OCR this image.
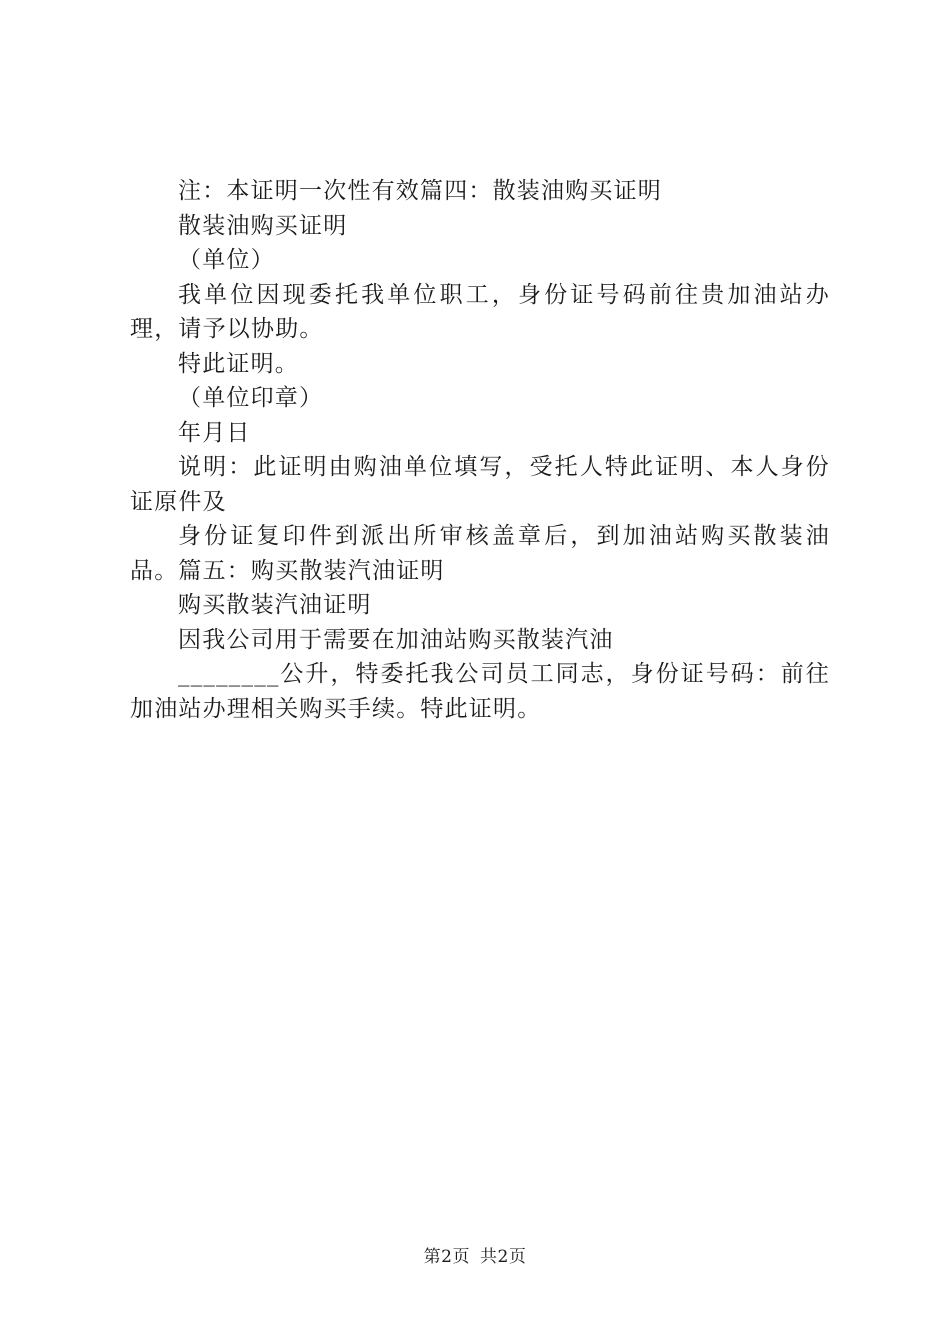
注：本证明一次性有效篇四：散装油购买证明

散装油购买证明

（单位）

我单位因现委托我单位职工，身份证号码前往贵加油站办理，请予以协助。

特此证明。

（单位印章）

年月日

说明：此证明由购油单位填写，受托人特此证明、本人身份证原件及

身份证复印件到派出所审核盖章后，到加油站购买散装油品。篇五：购买散装汽油证明

购买散装汽油证明

因我公司用于需要在加油站购买散装汽油

________公升，特委托我公司员工同志，身份证号码：前往加油站办理相关购买手续。特此证明。

第2页 共2页
